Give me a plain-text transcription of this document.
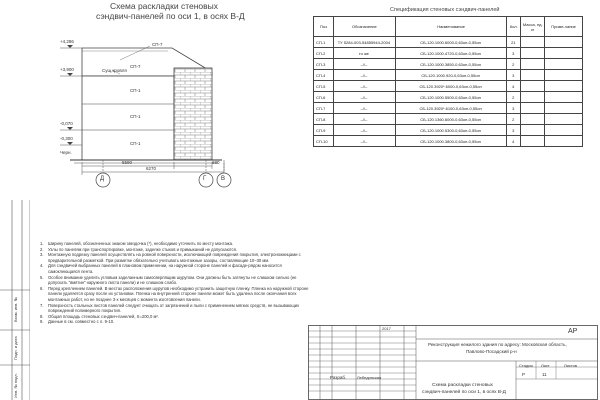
Схема раскладки стеновых
сэндвич-панелей по оси 1, в осях В-Д
СП-7
Сущ.кровля
СП-7
СП-1
СП-1
СП-1
+4,286
+3,900
-0,070
-0,300
Черн.
5590	680
6270
Д	Г В
Спецификация стеновых сэндвич-панелей
Поз	Обозначение	Наименование	Кол.	Масса, ед. кг	Приме-чание
СП-1	ТУ 5284-003-54855944-2004	СБ-120.1000.6000-0,63он-0,55он	21		
СП-2	то же	СБ-120.1000.4720-0,63он-0,55он	3		
СП-3	–//–	СБ-120.1000.3850-0,63он-0,55он	2		
СП-4	–//–	СБ-120.1000.920-0,63он-0,55он	3		
СП-5	–//–	СБ-120.3920*.6000-0,63он-0,55он	4		
СП-6	–//–	СБ-120.1000.5500-0,63он-0,55он	2		
СП-7	–//–	СБ-120.3920*.6100-0,63он-0,55он	3		
СП-8	–//–	СБ-120.1360.6000-0,63он-0,55он	2		
СП-9	–//–	СБ-120.1000.5300-0,63он-0,55он	3		
СП-10	–//–	СБ-120.1000.3800-0,63он-0,55он	4		
1. Ширину панелей, обозначенных знаком звездочка (*), необходимо уточнить по месту монтажа.
2. Узлы по панелям при транспортировке, монтаже, заделке стыков и примыканий не допускаются.
3. Монтажную подрезку панелей осуществлять на ровной поверхности, исключающей повреждения покрытия, электроножницами с предварительной разметкой. При разметке обязательно учитывать монтажные зазоры, составляющие 10–30 мм.
4. Для сэндвичей выбранных панелей в плановом применении, на наружной стороне панелей и фасаде-рядом наносится самоклеющаяся лента.
5. Особое внимание уделить угловым заделанным самосверлящим шурупом. Они должны быть затянуты не слишком сильно (не допускать "вмятин" наружного листа панели) и не слишком слабо.
6. Перед креплением панелей. В местах расположения шурупов необходимо устранить защитную пленку. Пленка на наружной стороне панели удаляется сразу после их установки. Пленка на внутренней стороне панели может быть удалена после окончания всех монтажных работ, но не позднее 3-х месяцев с момента изготовления панели.
7. Поверхность стальных листов панелей следует очищать от загрязнений и пыли с применением мягких средств, не вызывающих повреждений полимерного покрытия.
8. Общая площадь стеновых сэндвич-панелей, S=200,0 м².
9. Данные в см. совместно с л. 9-10.
Взам. инв. №
Подп. и дата
Инв. № подл.
АР
2017
Реконструкция нежилого здания по адресу: Московская область,
Павлово-Посадский р-н
Стадия Лист	Листов
Р	11
Разраб.	Лебединская
Схема раскладки стеновых
сэндвич-панелей по оси 1, в осях В-Д
